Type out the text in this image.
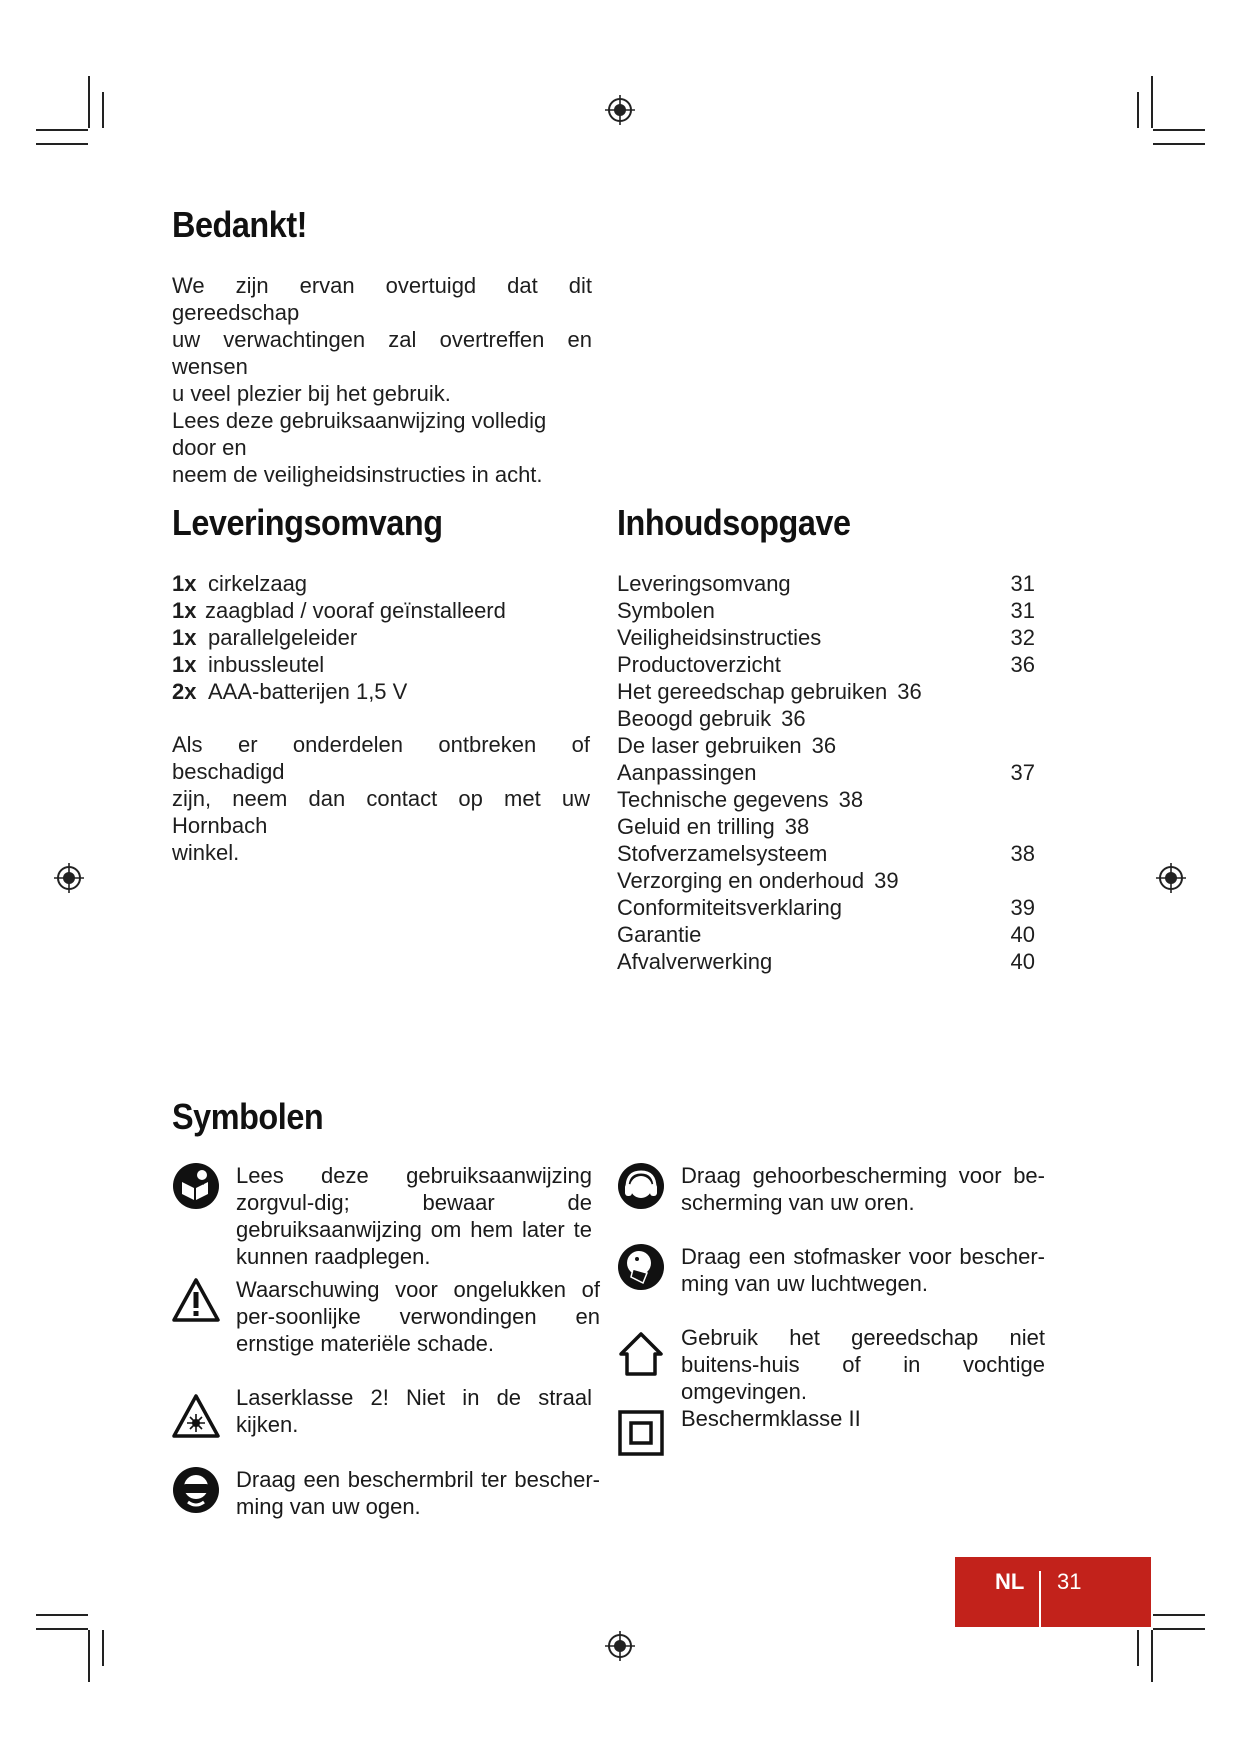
Bedankt!
We zijn ervan overtuigd dat dit gereedschap
uw verwachtingen zal overtreffen en wensen
u veel plezier bij het gebruik.
Lees deze gebruiksaanwijzing volledig door en
neem de veiligheidsinstructies in acht.
Leveringsomvang
1x cirkelzaag
1x zaagblad / vooraf geïnstalleerd
1x parallelgeleider
1x inbussleutel
2x AAA-batterijen 1,5 V
Als er onderdelen ontbreken of beschadigd
zijn, neem dan contact op met uw Hornbach
winkel.
Inhoudsopgave
Leveringsomvang	31
Symbolen	31
Veiligheidsinstructies	32
Productoverzicht	36
Het gereedschap gebruiken 36
Beoogd gebruik 36
De laser gebruiken 36
Aanpassingen	37
Technische gegevens 38
Geluid en trilling 38
Stofverzamelsysteem	38
Verzorging en onderhoud 39
Conformiteitsverklaring	39
Garantie	40
Afvalverwerking	40
Symbolen
Lees deze gebruiksaanwijzing zorgvul-dig; bewaar de gebruiksaanwijzing om hem later te kunnen raadplegen.
Waarschuwing voor ongelukken of per-soonlijke verwondingen en ernstige materiële schade.
Laserklasse 2! Niet in de straal kijken.
Draag een beschermbril ter bescher-ming van uw ogen.
Draag gehoorbescherming voor be-scherming van uw oren.
Draag een stofmasker voor bescher-ming van uw luchtwegen.
Gebruik het gereedschap niet buitens-huis of in vochtige omgevingen.
Beschermklasse II
NL 31
